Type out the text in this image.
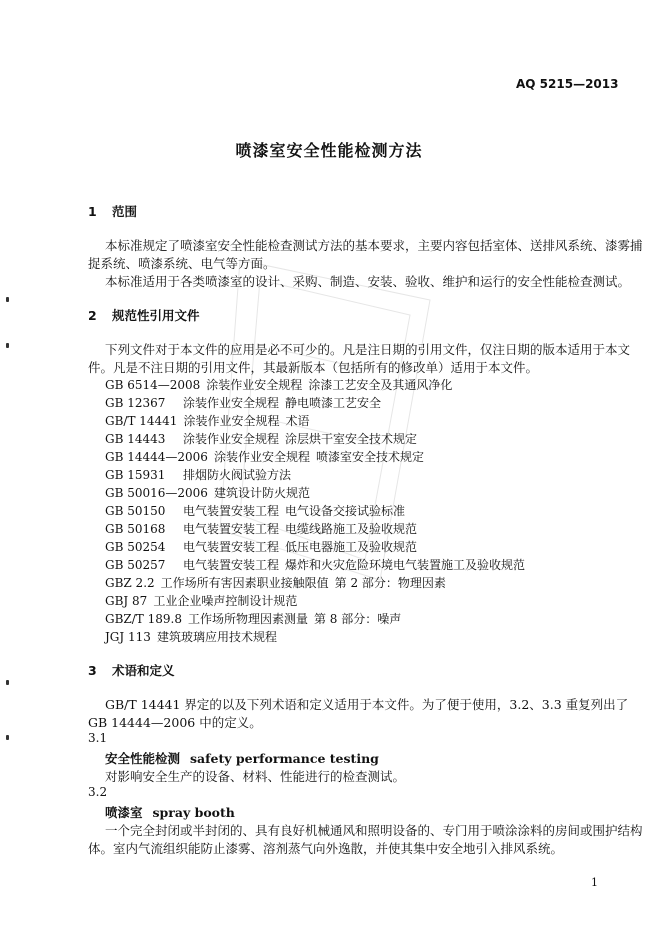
AQ 5215—2013
喷漆室安全性能检测方法
1 范围
本标准规定了喷漆室安全性能检查测试方法的基本要求，主要内容包括室体、送排风系统、漆雾捕
捉系统、喷漆系统、电气等方面。
本标准适用于各类喷漆室的设计、采购、制造、安装、验收、维护和运行的安全性能检查测试。
2 规范性引用文件
下列文件对于本文件的应用是必不可少的。凡是注日期的引用文件，仅注日期的版本适用于本文
件。凡是不注日期的引用文件，其最新版本（包括所有的修改单）适用于本文件。
GB 6514—2008 涂装作业安全规程 涂漆工艺安全及其通风净化
GB 12367 涂装作业安全规程 静电喷漆工艺安全
GB/T 14441 涂装作业安全规程 术语
GB 14443 涂装作业安全规程 涂层烘干室安全技术规定
GB 14444—2006 涂装作业安全规程 喷漆室安全技术规定
GB 15931 排烟防火阀试验方法
GB 50016—2006 建筑设计防火规范
GB 50150 电气装置安装工程 电气设备交接试验标准
GB 50168 电气装置安装工程 电缆线路施工及验收规范
GB 50254 电气装置安装工程 低压电器施工及验收规范
GB 50257 电气装置安装工程 爆炸和火灾危险环境电气装置施工及验收规范
GBZ 2.2 工作场所有害因素职业接触限值 第 2 部分：物理因素
GBJ 87 工业企业噪声控制设计规范
GBZ/T 189.8 工作场所物理因素测量 第 8 部分：噪声
JGJ 113 建筑玻璃应用技术规程
3 术语和定义
GB/T 14441 界定的以及下列术语和定义适用于本文件。为了便于使用，3.2、3.3 重复列出了
GB 14444—2006 中的定义。
3.1
安全性能检测 safety performance testing
对影响安全生产的设备、材料、性能进行的检查测试。
3.2
喷漆室 spray booth
一个完全封闭或半封闭的、具有良好机械通风和照明设备的、专门用于喷涂涂料的房间或围护结构
体。室内气流组织能防止漆雾、溶剂蒸气向外逸散，并使其集中安全地引入排风系统。
1
